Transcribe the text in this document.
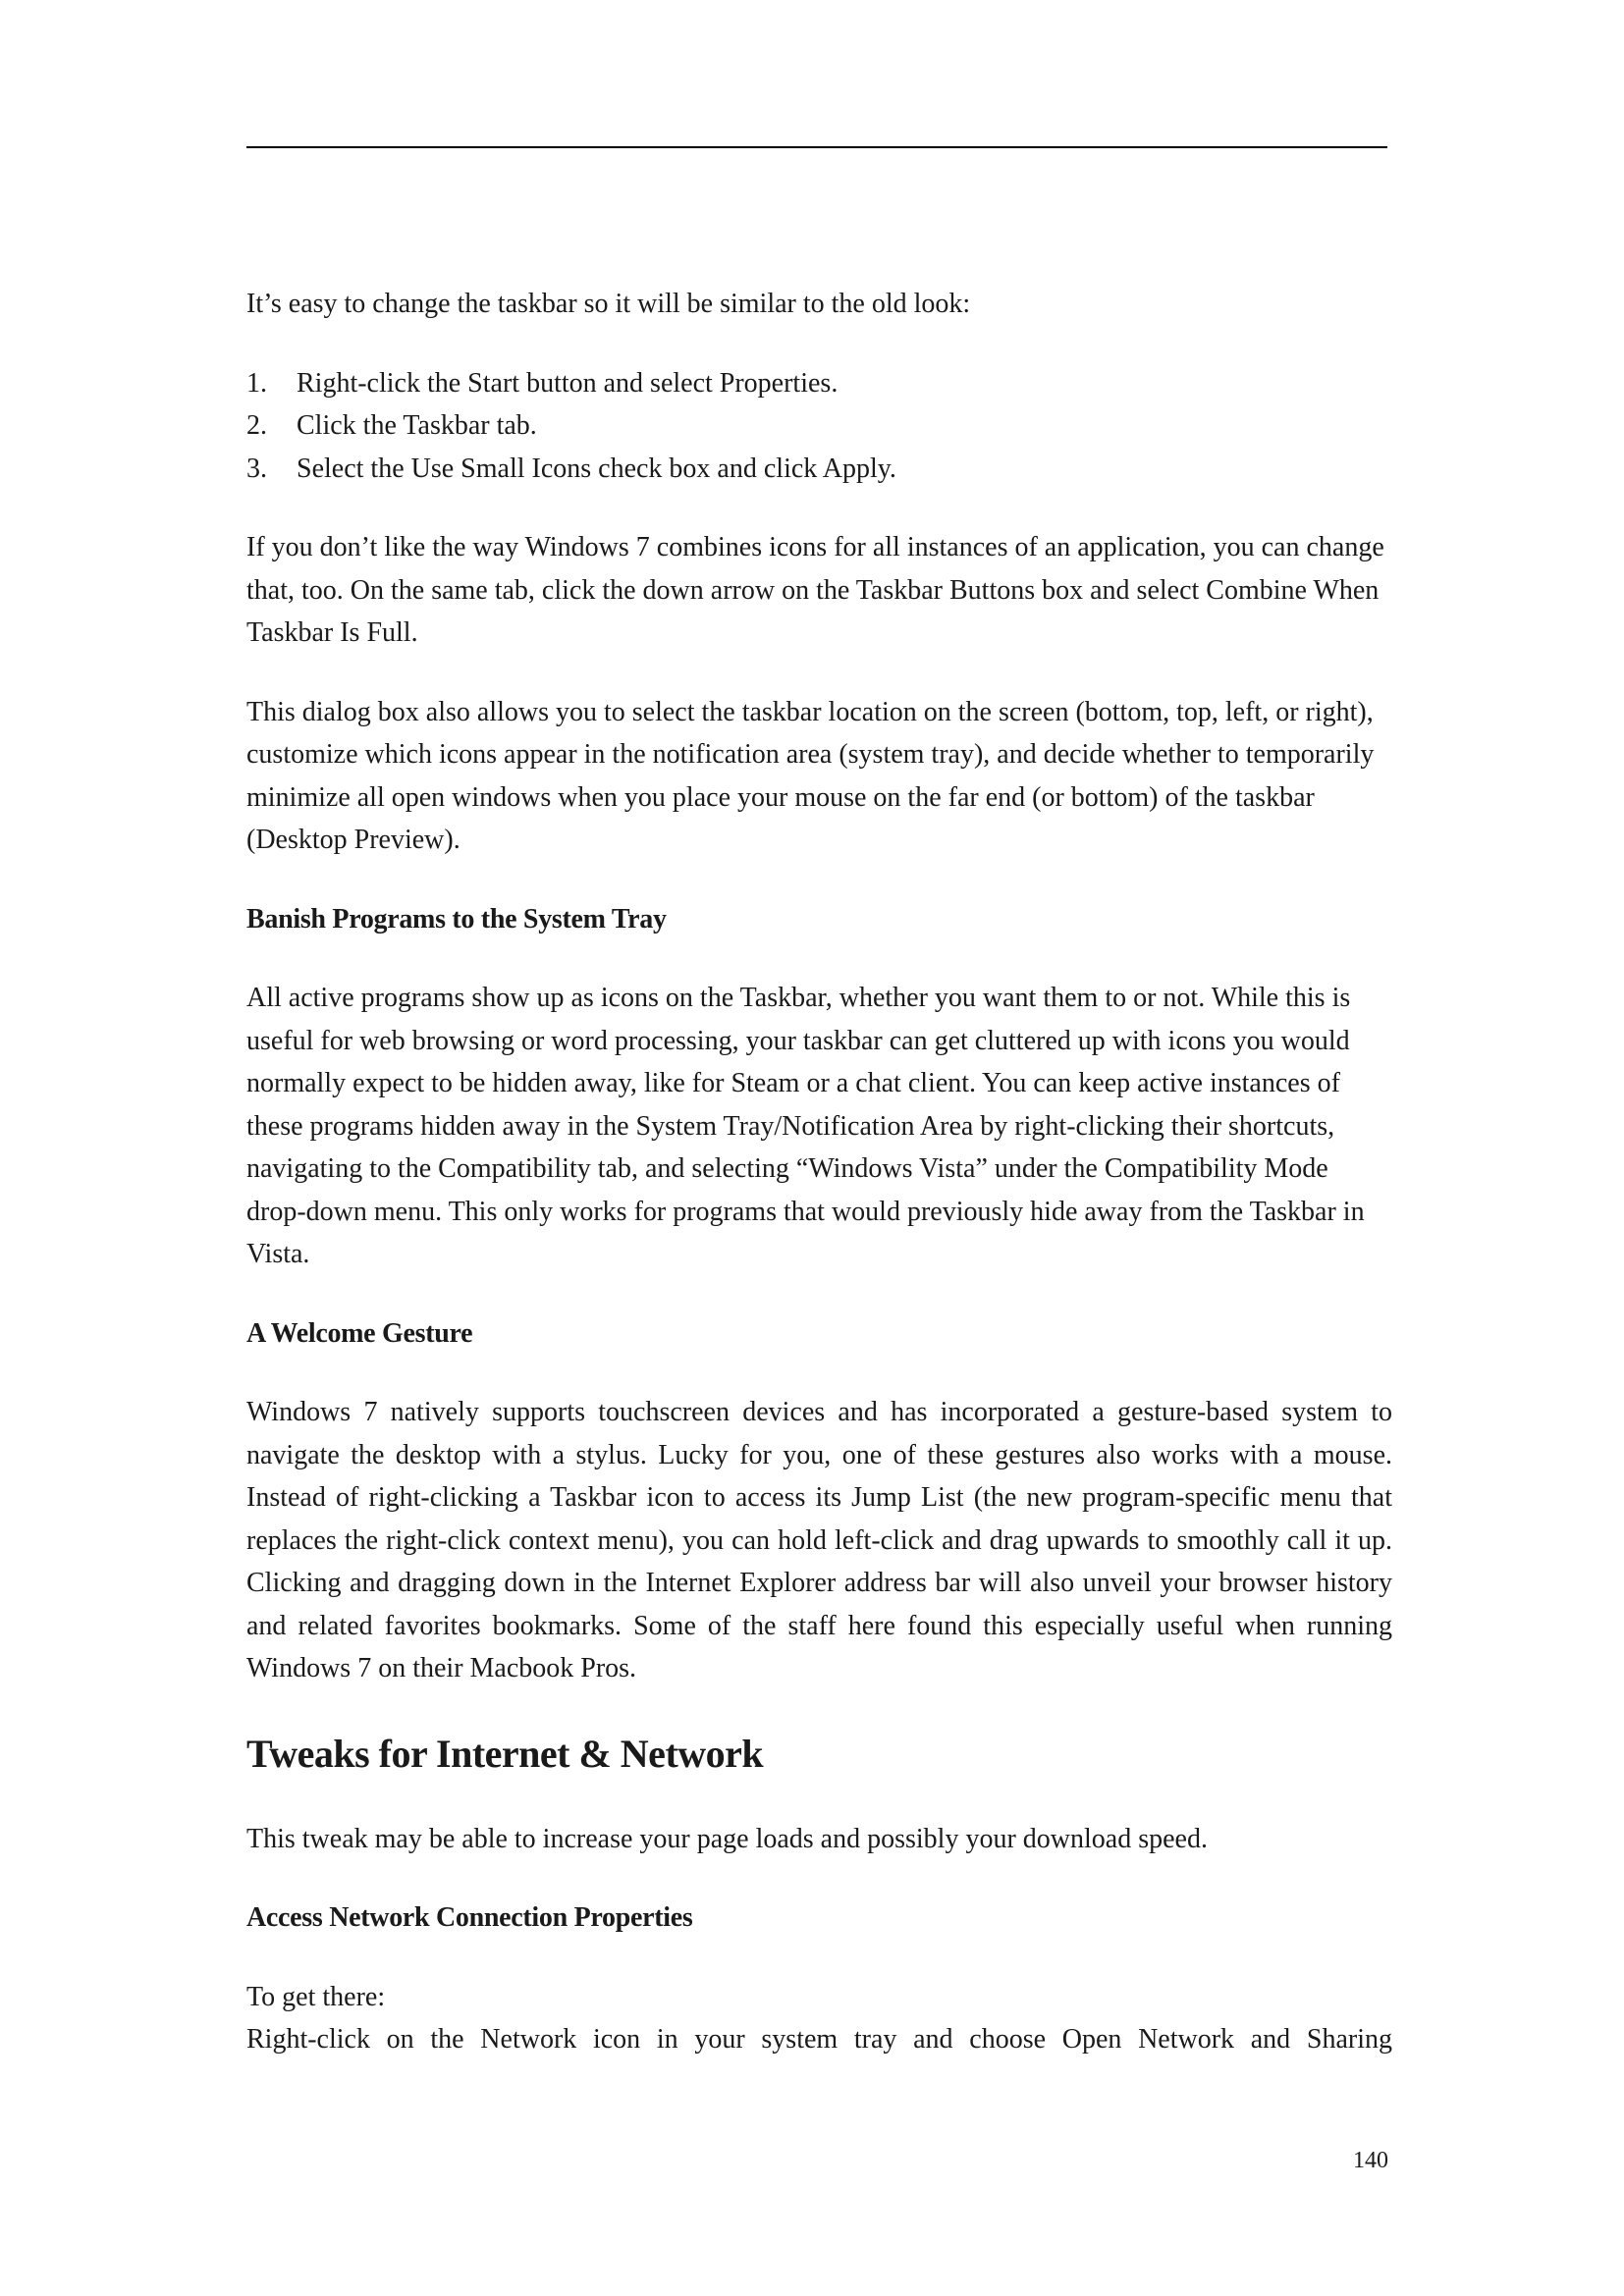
It’s easy to change the taskbar so it will be similar to the old look:

1.	Right-click the Start button and select Properties.
2.	Click the Taskbar tab.
3.	Select the Use Small Icons check box and click Apply.

If you don’t like the way Windows 7 combines icons for all instances of an application, you can change that, too. On the same tab, click the down arrow on the Taskbar Buttons box and select Combine When Taskbar Is Full.

This dialog box also allows you to select the taskbar location on the screen (bottom, top, left, or right), customize which icons appear in the notification area (system tray), and decide whether to temporarily minimize all open windows when you place your mouse on the far end (or bottom) of the taskbar (Desktop Preview).

Banish Programs to the System Tray

All active programs show up as icons on the Taskbar, whether you want them to or not. While this is useful for web browsing or word processing, your taskbar can get cluttered up with icons you would normally expect to be hidden away, like for Steam or a chat client. You can keep active instances of these programs hidden away in the System Tray/Notification Area by right-clicking their shortcuts, navigating to the Compatibility tab, and selecting “Windows Vista” under the Compatibility Mode drop-down menu. This only works for programs that would previously hide away from the Taskbar in Vista.

A Welcome Gesture

Windows 7 natively supports touchscreen devices and has incorporated a gesture-based system to navigate the desktop with a stylus. Lucky for you, one of these gestures also works with a mouse. Instead of right-clicking a Taskbar icon to access its Jump List (the new program-specific menu that replaces the right-click context menu), you can hold left-click and drag upwards to smoothly call it up. Clicking and dragging down in the Internet Explorer address bar will also unveil your browser history and related favorites bookmarks. Some of the staff here found this especially useful when running Windows 7 on their Macbook Pros.

Tweaks for Internet & Network

This tweak may be able to increase your page loads and possibly your download speed.

Access Network Connection Properties

To get there:

Right-click on the Network icon in your system tray and choose Open Network and Sharing

140
